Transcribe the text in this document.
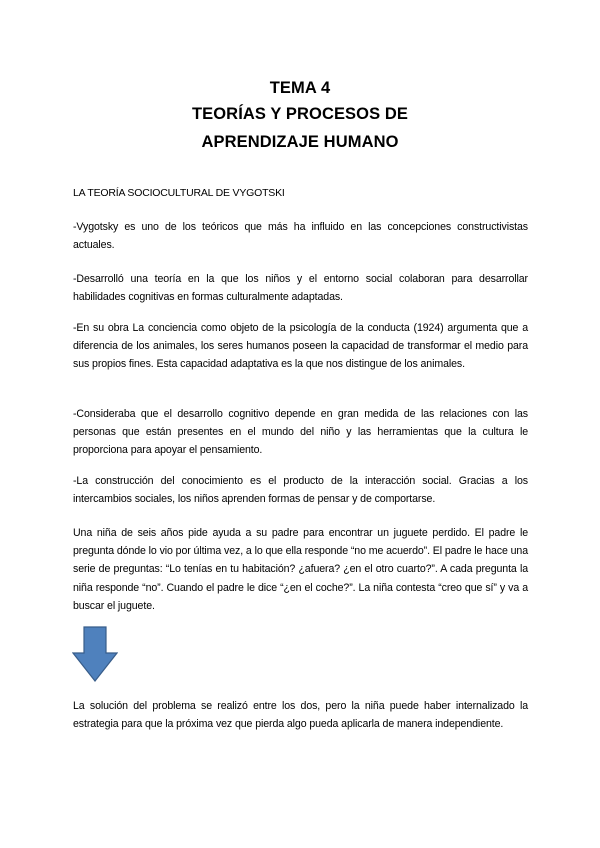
TEMA 4
TEORÍAS Y PROCESOS DE
APRENDIZAJE HUMANO
LA TEORÍA SOCIOCULTURAL DE VYGOTSKI

-Vygotsky es uno de los teóricos que más ha influido en las concepciones constructivistas actuales.

-Desarrolló una teoría en la que los niños y el entorno social colaboran para desarrollar habilidades cognitivas en formas culturalmente adaptadas.

-En su obra La conciencia como objeto de la psicología de la conducta (1924) argumenta que a diferencia de los animales, los seres humanos poseen la capacidad de transformar el medio para sus propios fines. Esta capacidad adaptativa es la que nos distingue de los animales.

-Consideraba que el desarrollo cognitivo depende en gran medida de las relaciones con las personas que están presentes en el mundo del niño y las herramientas que la cultura le proporciona para apoyar el pensamiento.

-La construcción del conocimiento es el producto de la interacción social. Gracias a los intercambios sociales, los niños aprenden formas de pensar y de comportarse.

Una niña de seis años pide ayuda a su padre para encontrar un juguete perdido. El padre le pregunta dónde lo vio por última vez, a lo que ella responde “no me acuerdo”. El padre le hace una serie de preguntas: “Lo tenías en tu habitación? ¿afuera? ¿en el otro cuarto?”. A cada pregunta la niña responde “no”. Cuando el padre le dice “¿en el coche?”. La niña contesta “creo que sí” y va a buscar el juguete.

La solución del problema se realizó entre los dos, pero la niña puede haber internalizado la estrategia para que la próxima vez que pierda algo pueda aplicarla de manera independiente.
